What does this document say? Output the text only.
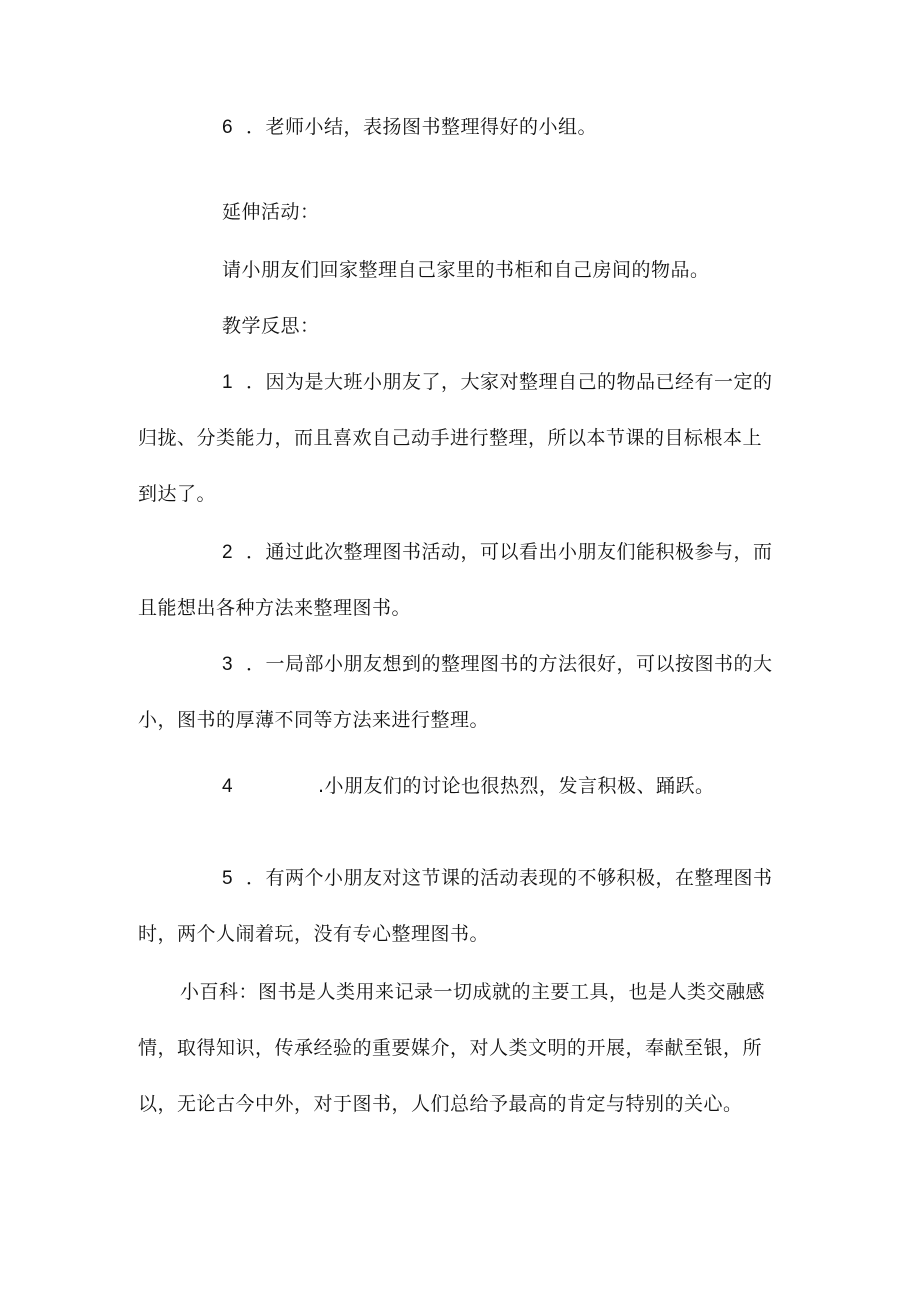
6 ．老师小结，表扬图书整理得好的小组。
延伸活动：
请小朋友们回家整理自己家里的书柜和自己房间的物品。
教学反思：
1 ．因为是大班小朋友了，大家对整理自己的物品已经有一定的
归拢、分类能力，而且喜欢自己动手进行整理，所以本节课的目标根本上
到达了。
2 ．通过此次整理图书活动，可以看出小朋友们能积极参与，而
且能想出各种方法来整理图书。
3 ．一局部小朋友想到的整理图书的方法很好，可以按图书的大
小，图书的厚薄不同等方法来进行整理。
4	.小朋友们的讨论也很热烈，发言积极、踊跃。
5 ．有两个小朋友对这节课的活动表现的不够积极，在整理图书
时，两个人闹着玩，没有专心整理图书。
小百科：图书是人类用来记录一切成就的主要工具，也是人类交融感
情，取得知识，传承经验的重要媒介，对人类文明的开展，奉献至银，所
以，无论古今中外，对于图书，人们总给予最高的肯定与特别的关心。
